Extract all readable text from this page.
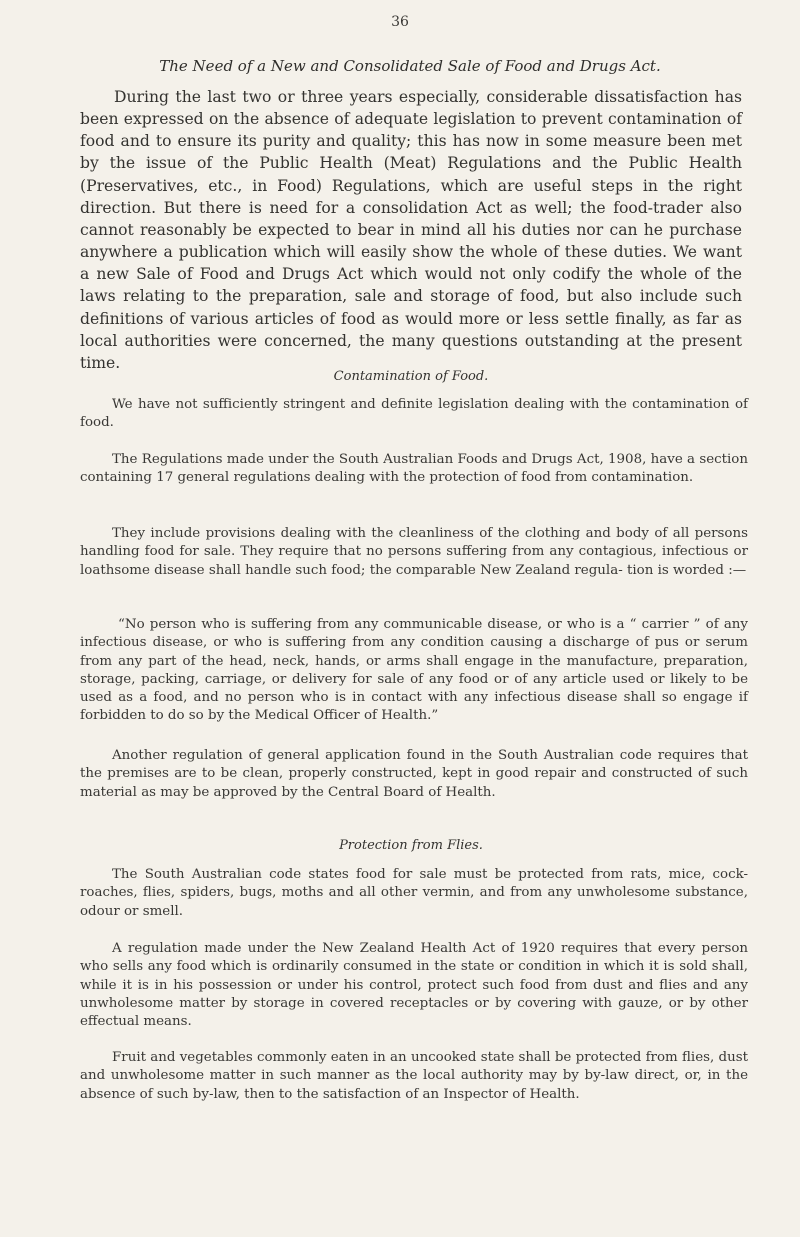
36
The Need of a New and Consolidated Sale of Food and Drugs Act.

During the last two or three years especially, considerable dissatisfaction has been expressed on the absence of adequate legislation to prevent contamination of food and to ensure its purity and quality; this has now in some measure been met by the issue of the Public Health (Meat) Regulations and the Public Health (Preservatives, etc., in Food) Regulations, which are useful steps in the right direction. But there is need for a consolidation Act as well; the food-trader also cannot reasonably be expected to bear in mind all his duties nor can he purchase anywhere a publication which will easily show the whole of these duties. We want a new Sale of Food and Drugs Act which would not only codify the whole of the laws relating to the preparation, sale and storage of food, but also include such definitions of various articles of food as would more or less settle finally, as far as local authorities were concerned, the many questions outstanding at the present time.

Contamination of Food.

We have not sufficiently stringent and definite legislation dealing with the contamination of food.

The Regulations made under the South Australian Foods and Drugs Act, 1908, have a section containing 17 general regulations dealing with the protection of food from contamination.

They include provisions dealing with the cleanliness of the clothing and body of all persons handling food for sale. They require that no persons suffering from any contagious, infectious or loathsome disease shall handle such food; the comparable New Zealand regula- tion is worded :—

“No person who is suffering from any communicable disease, or who is a “ carrier ” of any infectious disease, or who is suffering from any condition causing a discharge of pus or serum from any part of the head, neck, hands, or arms shall engage in the manufacture, preparation, storage, packing, carriage, or delivery for sale of any food or of any article used or likely to be used as a food, and no person who is in contact with any infectious disease shall so engage if forbidden to do so by the Medical Officer of Health.”

Another regulation of general application found in the South Australian code requires that the premises are to be clean, properly constructed, kept in good repair and constructed of such material as may be approved by the Central Board of Health.

Protection from Flies.

The South Australian code states food for sale must be protected from rats, mice, cock- roaches, flies, spiders, bugs, moths and all other vermin, and from any unwholesome substance, odour or smell.

A regulation made under the New Zealand Health Act of 1920 requires that every person who sells any food which is ordinarily consumed in the state or condition in which it is sold shall, while it is in his possession or under his control, protect such food from dust and flies and any unwholesome matter by storage in covered receptacles or by covering with gauze, or by other effectual means.

Fruit and vegetables commonly eaten in an uncooked state shall be protected from flies, dust and unwholesome matter in such manner as the local authority may by by-law direct, or, in the absence of such by-law, then to the satisfaction of an Inspector of Health.
